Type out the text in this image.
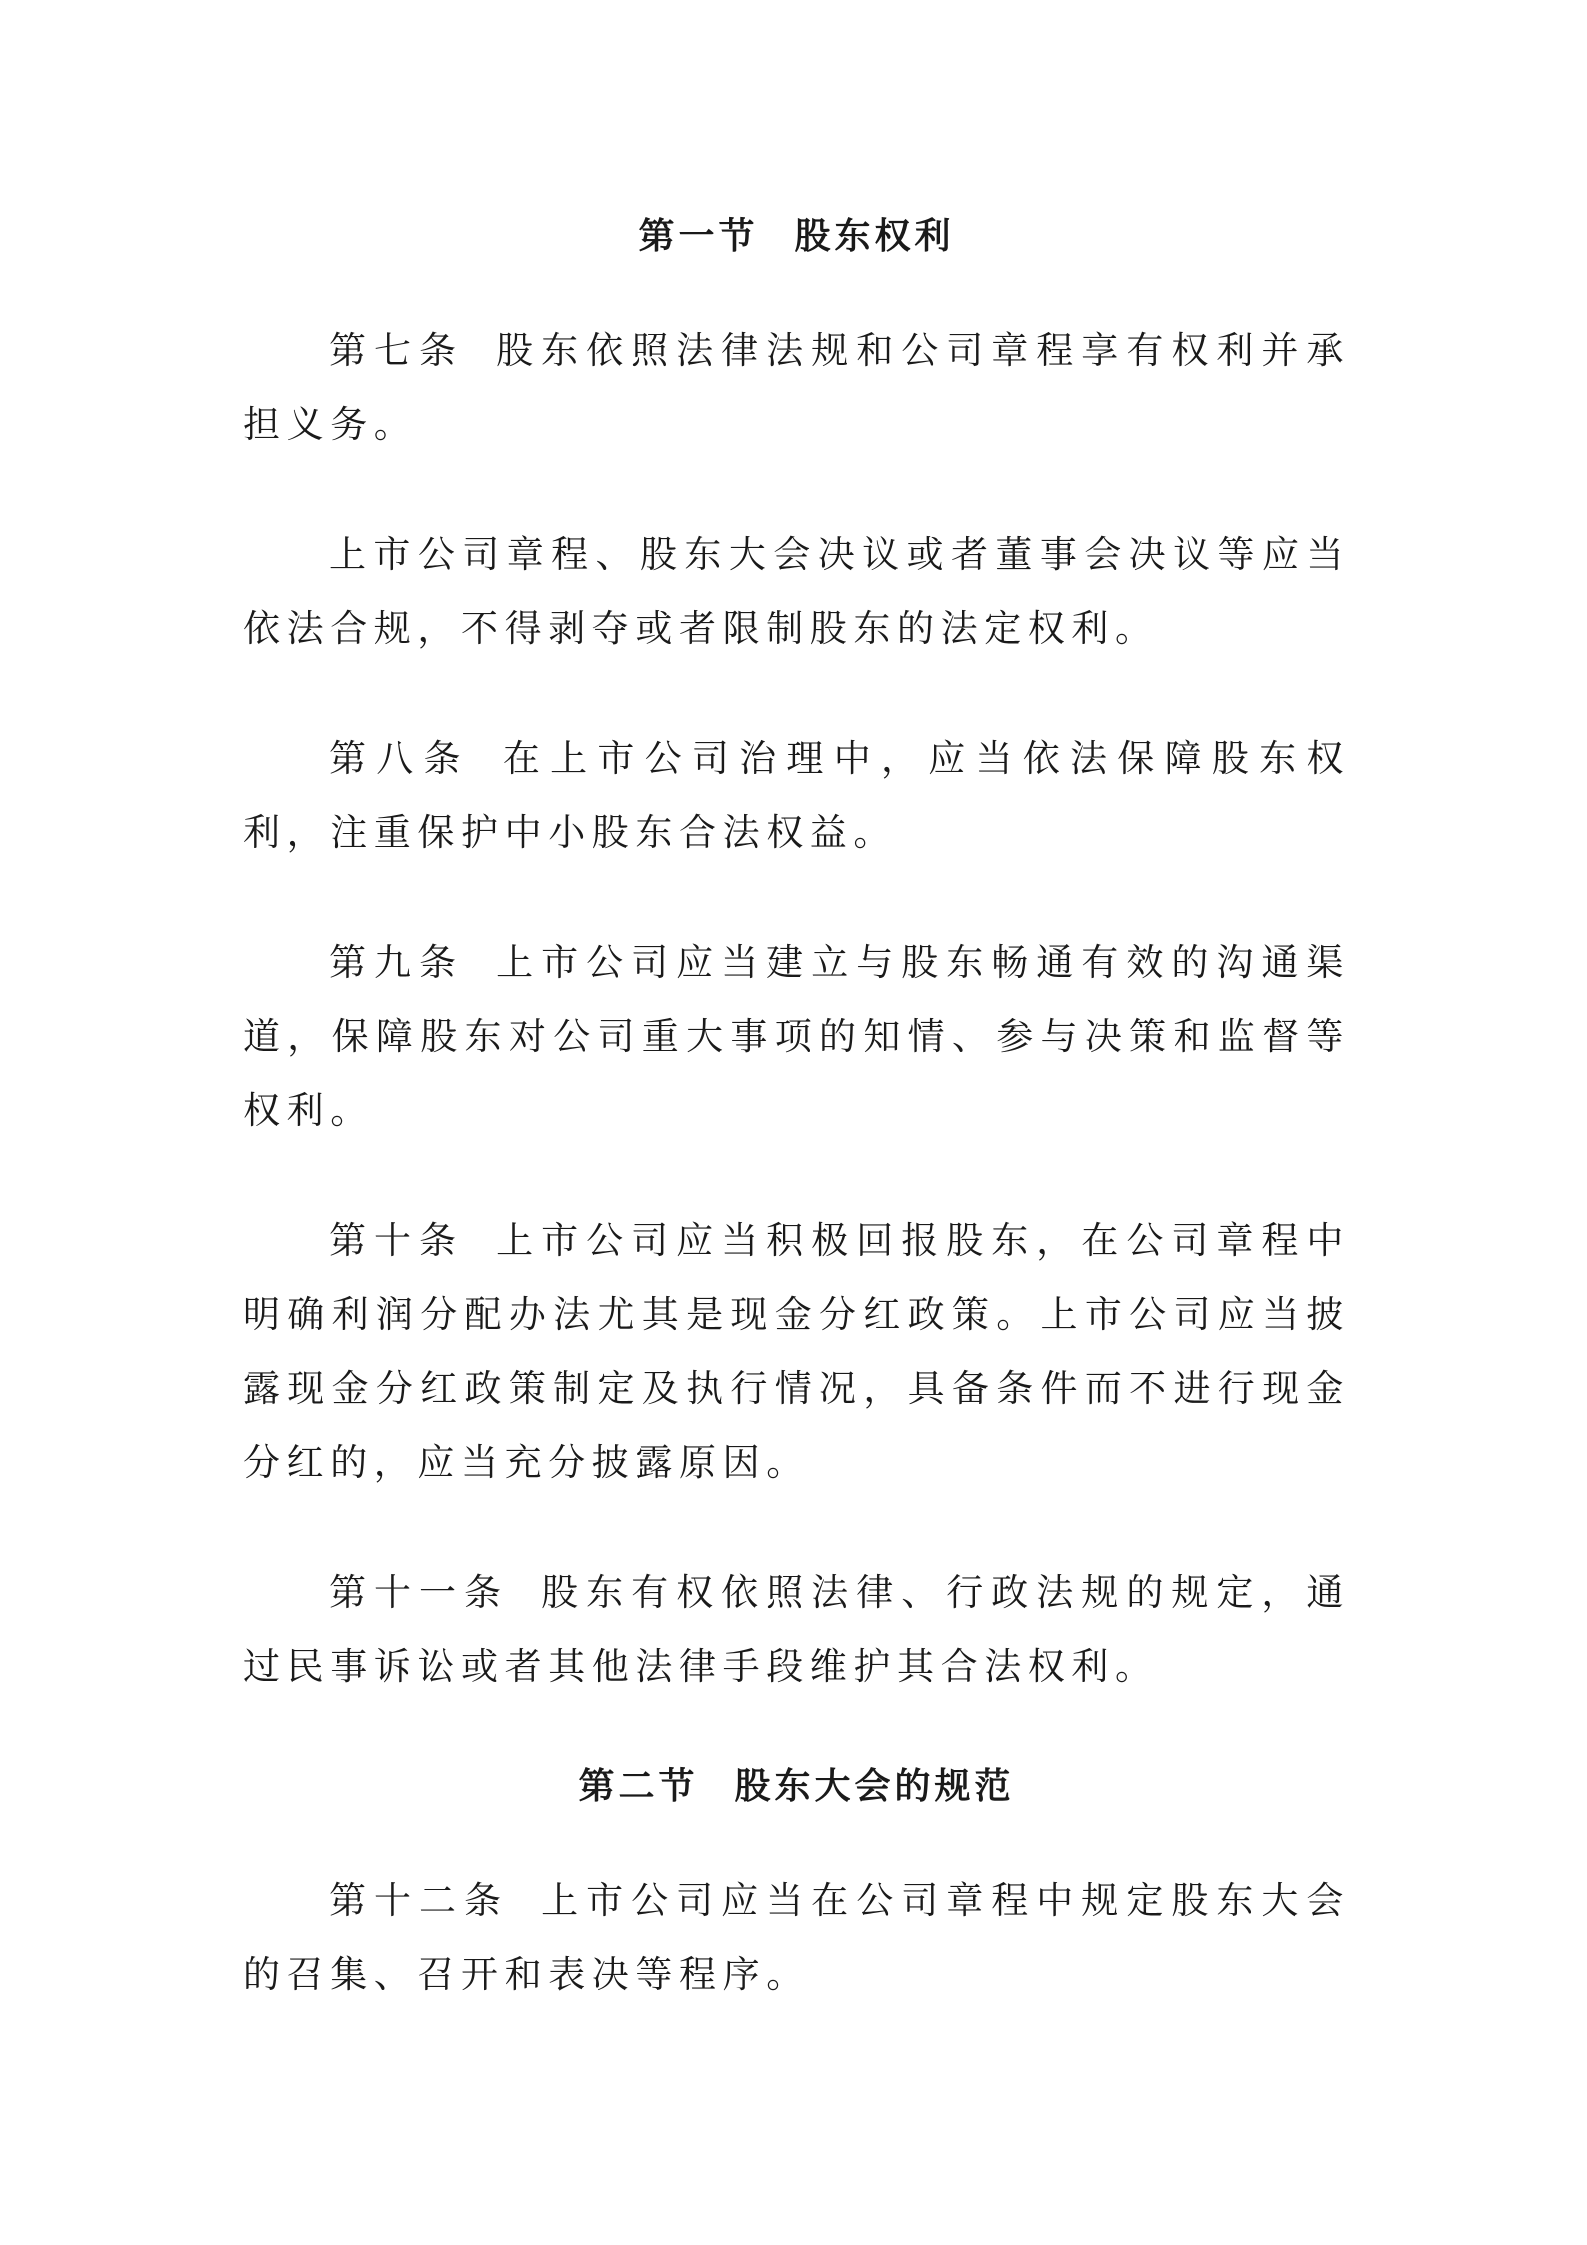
第一节 股东权利

第七条 股东依照法律法规和公司章程享有权利并承担义务。

上市公司章程、股东大会决议或者董事会决议等应当依法合规，不得剥夺或者限制股东的法定权利。

第八条 在上市公司治理中，应当依法保障股东权利，注重保护中小股东合法权益。

第九条 上市公司应当建立与股东畅通有效的沟通渠道，保障股东对公司重大事项的知情、参与决策和监督等权利。

第十条 上市公司应当积极回报股东，在公司章程中明确利润分配办法尤其是现金分红政策。上市公司应当披露现金分红政策制定及执行情况，具备条件而不进行现金分红的，应当充分披露原因。

第十一条 股东有权依照法律、行政法规的规定，通过民事诉讼或者其他法律手段维护其合法权利。

第二节 股东大会的规范

第十二条 上市公司应当在公司章程中规定股东大会的召集、召开和表决等程序。
